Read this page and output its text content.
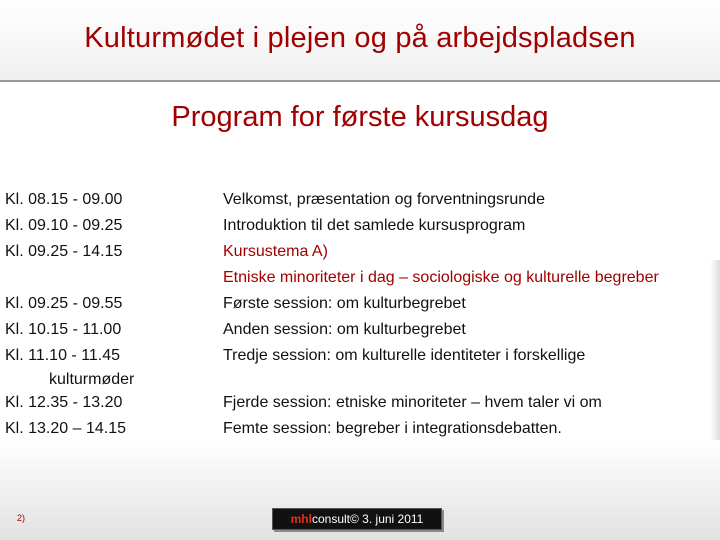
Kulturmødet i plejen og på arbejdspladsen
Program for første kursusdag
Kl. 08.15 - 09.00
Kl. 09.10 - 09.25
Kl. 09.25 - 14.15
Kl. 09.25 - 09.55
Kl. 10.15 - 11.00
Kl. 11.10 - 11.45
kulturmøder
Kl. 12.35 - 13.20
Kl. 13.20 – 14.15
Velkomst, præsentation og forventningsrunde
Introduktion til det samlede kursusprogram
Kursustema A)
Etniske minoriteter i dag – sociologiske og kulturelle begreber
Første session: om kulturbegrebet
Anden session: om kulturbegrebet
Tredje session: om kulturelle identiteter i forskellige
Fjerde session: etniske minoriteter – hvem taler vi om
Femte session: begreber i integrationsdebatten.
2)	mhlconsult© 3. juni 2011
